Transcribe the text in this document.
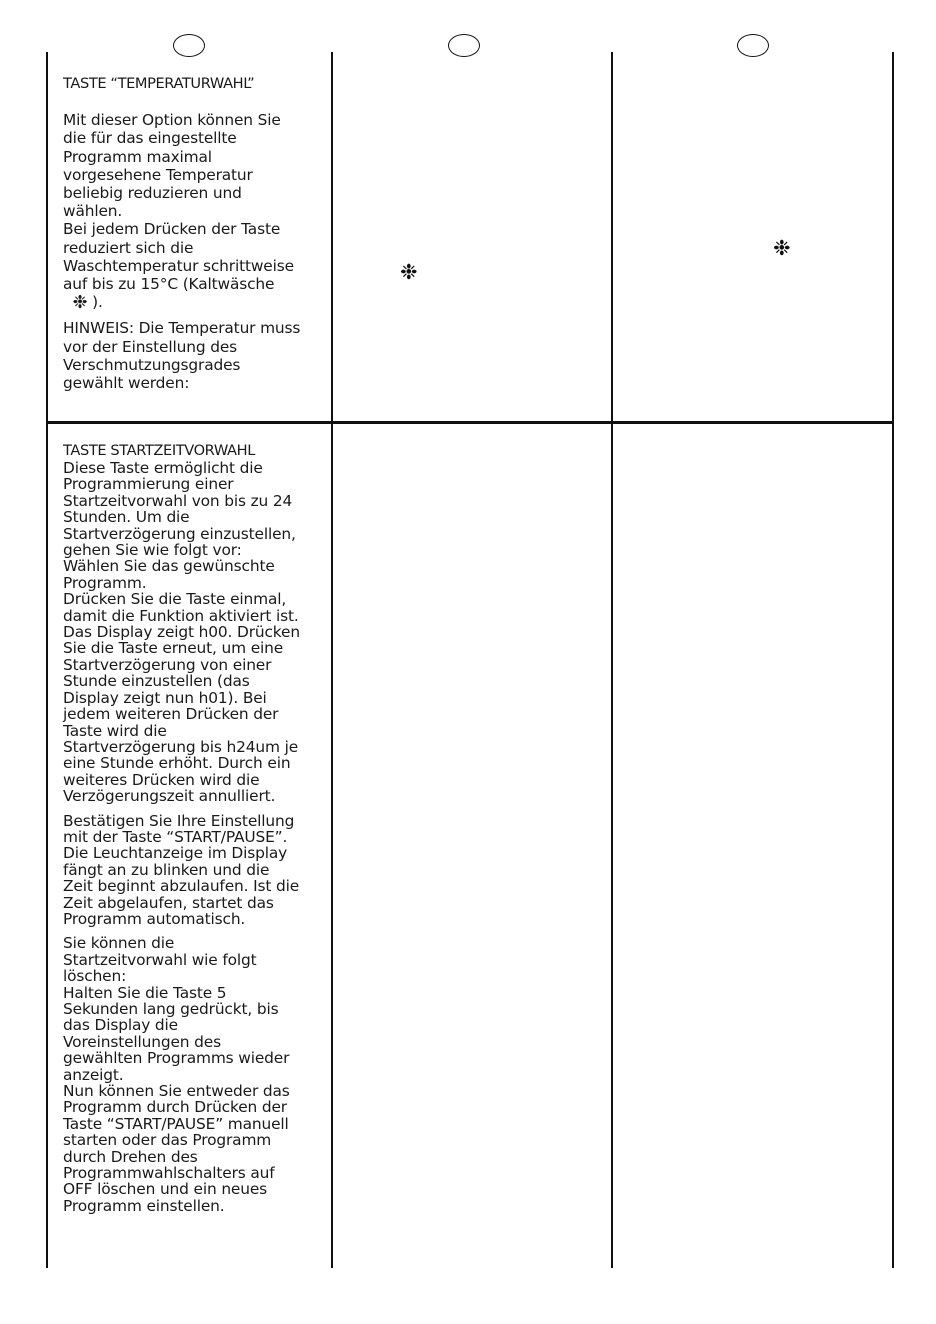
TASTE “TEMPERATURWAHL”

Mit dieser Option können Sie
die für das eingestellte
Programm maximal
vorgesehene Temperatur
beliebig reduzieren und
wählen.
Bei jedem Drücken der Taste
reduziert sich die
Waschtemperatur schrittweise
auf bis zu 15°C (Kaltwäsche
❉ ).

HINWEIS: Die Temperatur muss
vor der Einstellung des
Verschmutzungsgrades
gewählt werden:

❉
❉
TASTE STARTZEITVORWAHL

Diese Taste ermöglicht die
Programmierung einer
Startzeitvorwahl von bis zu 24
Stunden. Um die
Startverzögerung einzustellen,
gehen Sie wie folgt vor:
Wählen Sie das gewünschte
Programm.
Drücken Sie die Taste einmal,
damit die Funktion aktiviert ist.
Das Display zeigt h00. Drücken
Sie die Taste erneut, um eine
Startverzögerung von einer
Stunde einzustellen (das
Display zeigt nun h01). Bei
jedem weiteren Drücken der
Taste wird die
Startverzögerung bis h24um je
eine Stunde erhöht. Durch ein
weiteres Drücken wird die
Verzögerungszeit annulliert.

Bestätigen Sie Ihre Einstellung
mit der Taste “START/PAUSE”.
Die Leuchtanzeige im Display
fängt an zu blinken und die
Zeit beginnt abzulaufen. Ist die
Zeit abgelaufen, startet das
Programm automatisch.

Sie können die
Startzeitvorwahl wie folgt
löschen:
Halten Sie die Taste 5
Sekunden lang gedrückt, bis
das Display die
Voreinstellungen des
gewählten Programms wieder
anzeigt.
Nun können Sie entweder das
Programm durch Drücken der
Taste “START/PAUSE” manuell
starten oder das Programm
durch Drehen des
Programmwahlschalters auf
OFF löschen und ein neues
Programm einstellen.
